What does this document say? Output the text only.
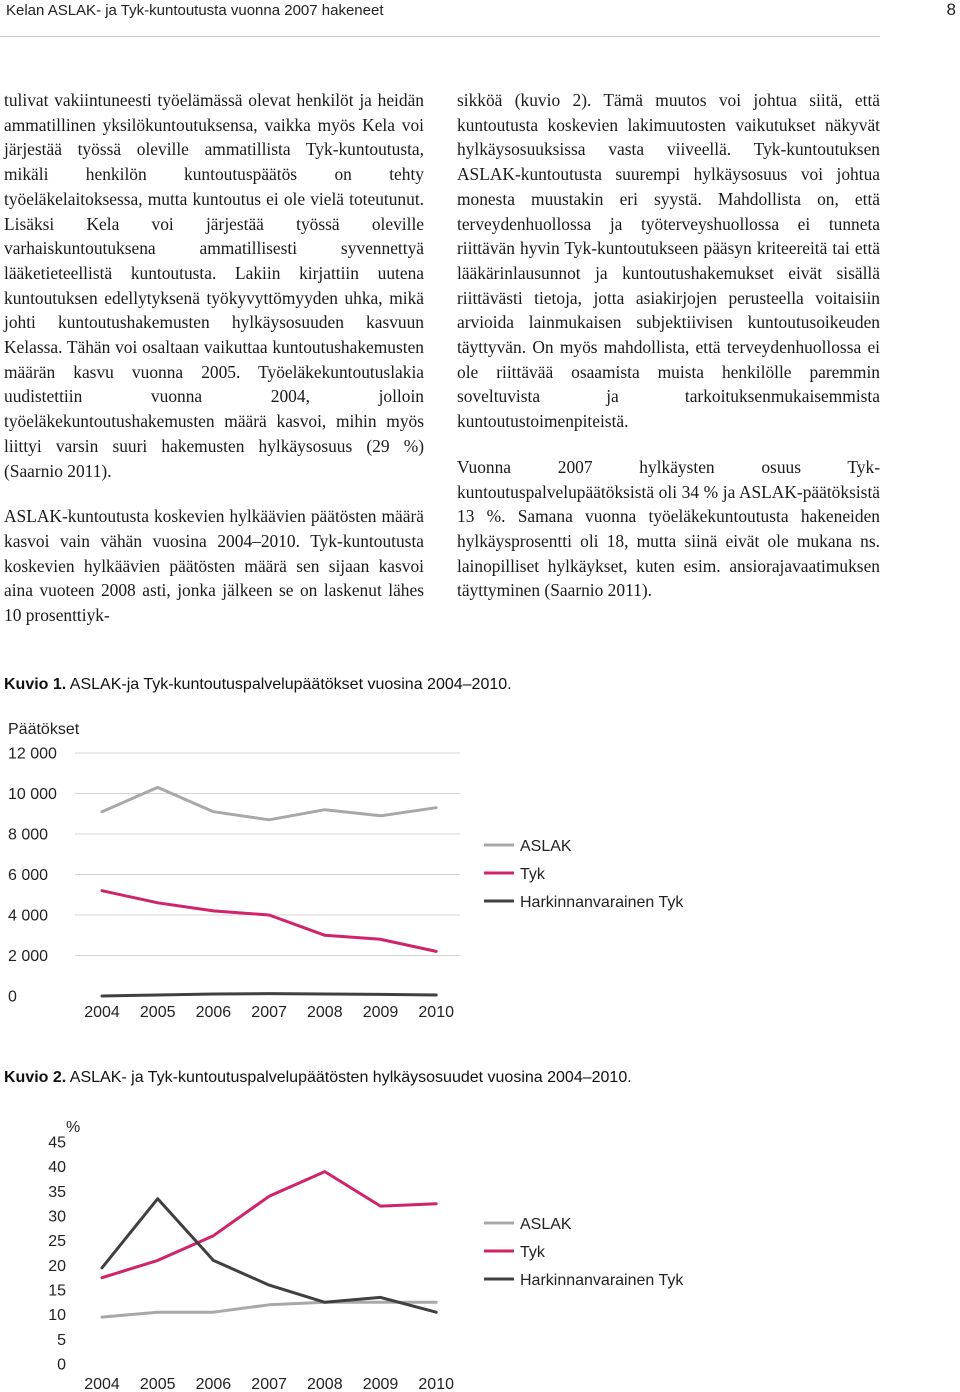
Kelan ASLAK- ja Tyk-kuntoutusta vuonna 2007 hakeneet	8

tulivat vakiintuneesti työelämässä olevat henkilöt ja heidän ammatillinen yksilökuntoutuksensa, vaikka myös Kela voi järjestää työssä oleville ammatillista Tyk-kuntoutusta, mikäli henkilön kuntoutuspäätös on tehty työeläkelaitoksessa, mutta kuntoutus ei ole vielä toteutunut. Lisäksi Kela voi järjestää työssä oleville varhaiskuntoutuksena ammatillisesti syvennettyä lääketieteellistä kuntoutusta. Lakiin kirjattiin uutena kuntoutuksen edellytyksenä työkyvyttömyyden uhka, mikä johti kuntoutushakemusten hylkäysosuuden kasvuun Kelassa. Tähän voi osaltaan vaikuttaa kuntoutushakemusten määrän kasvu vuonna 2005. Työeläkekuntoutuslakia uudistettiin vuonna 2004, jolloin työeläkekuntoutushakemusten määrä kasvoi, mihin myös liittyi varsin suuri hakemusten hylkäysosuus (29 %) (Saarnio 2011).

ASLAK-kuntoutusta koskevien hylkäävien päätösten määrä kasvoi vain vähän vuosina 2004–2010. Tyk-kuntoutusta koskevien hylkäävien päätösten määrä sen sijaan kasvoi aina vuoteen 2008 asti, jonka jälkeen se on laskenut lähes 10 prosenttiyk-

sikköä (kuvio 2). Tämä muutos voi johtua siitä, että kuntoutusta koskevien lakimuutosten vaikutukset näkyvät hylkäysosuuksissa vasta viiveellä. Tyk-kuntoutuksen ASLAK-kuntoutusta suurempi hylkäysosuus voi johtua monesta muustakin eri syystä. Mahdollista on, että terveydenhuollossa ja työterveyshuollossa ei tunneta riittävän hyvin Tyk-kuntoutukseen pääsyn kriteereitä tai että lääkärinlausunnot ja kuntoutushakemukset eivät sisällä riittävästi tietoja, jotta asiakirjojen perusteella voitaisiin arvioida lainmukaisen subjektiivisen kuntoutusoikeuden täyttyvän. On myös mahdollista, että terveydenhuollossa ei ole riittävää osaamista muista henkilölle paremmin soveltuvista ja tarkoituksenmukaisemmista kuntoutustoimenpiteistä.

Vuonna 2007 hylkäysten osuus Tyk-kuntoutuspalvelupäätöksistä oli 34 % ja ASLAK-päätöksistä 13 %. Samana vuonna työeläkekuntoutusta hakeneiden hylkäysprosentti oli 18, mutta siinä eivät ole mukana ns. lainopilliset hylkäykset, kuten esim. ansiorajavaatimuksen täyttyminen (Saarnio 2011).

Kuvio 1. ASLAK-ja Tyk-kuntoutuspalvelupäätökset vuosina 2004–2010.
Päätökset
0
2 000
4 000
6 000
8 000
10 000
12 000
2004 2005 2006 2007 2008 2009 2010
ASLAK
Tyk
Harkinnanvarainen Tyk
Kuvio 2. ASLAK- ja Tyk-kuntoutuspalvelupäätösten hylkäysosuudet vuosina 2004–2010.
%
0
5
10
15
20
25
30
35
40
45
2004 2005 2006 2007 2008 2009 2010
ASLAK
Tyk
Harkinnanvarainen Tyk
